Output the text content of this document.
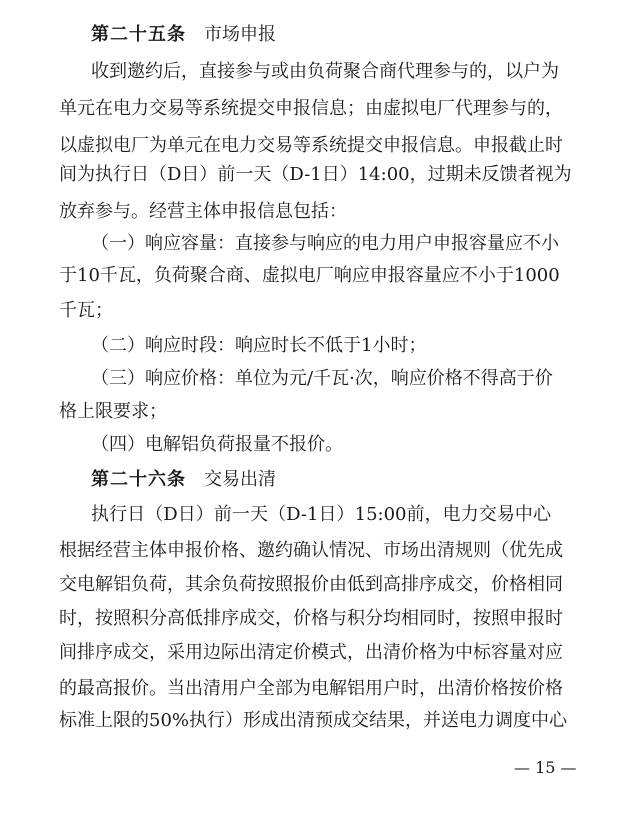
第二十五条 市场申报

收到邀约后，直接参与或由负荷聚合商代理参与的，以户为

单元在电力交易等系统提交申报信息；由虚拟电厂代理参与的，

以虚拟电厂为单元在电力交易等系统提交申报信息。申报截止时

间为执行日（D日）前一天（D-1日）14:00，过期未反馈者视为

放弃参与。经营主体申报信息包括：

（一）响应容量：直接参与响应的电力用户申报容量应不小

于10千瓦，负荷聚合商、虚拟电厂响应申报容量应不小于1000

千瓦；

（二）响应时段：响应时长不低于1小时；

（三）响应价格：单位为元/千瓦·次，响应价格不得高于价

格上限要求；

（四）电解铝负荷报量不报价。

第二十六条 交易出清

执行日（D日）前一天（D-1日）15:00前，电力交易中心

根据经营主体申报价格、邀约确认情况、市场出清规则（优先成

交电解铝负荷，其余负荷按照报价由低到高排序成交，价格相同

时，按照积分高低排序成交，价格与积分均相同时，按照申报时

间排序成交，采用边际出清定价模式，出清价格为中标容量对应

的最高报价。当出清用户全部为电解铝用户时，出清价格按价格

标准上限的50%执行）形成出清预成交结果，并送电力调度中心

— 15 —
